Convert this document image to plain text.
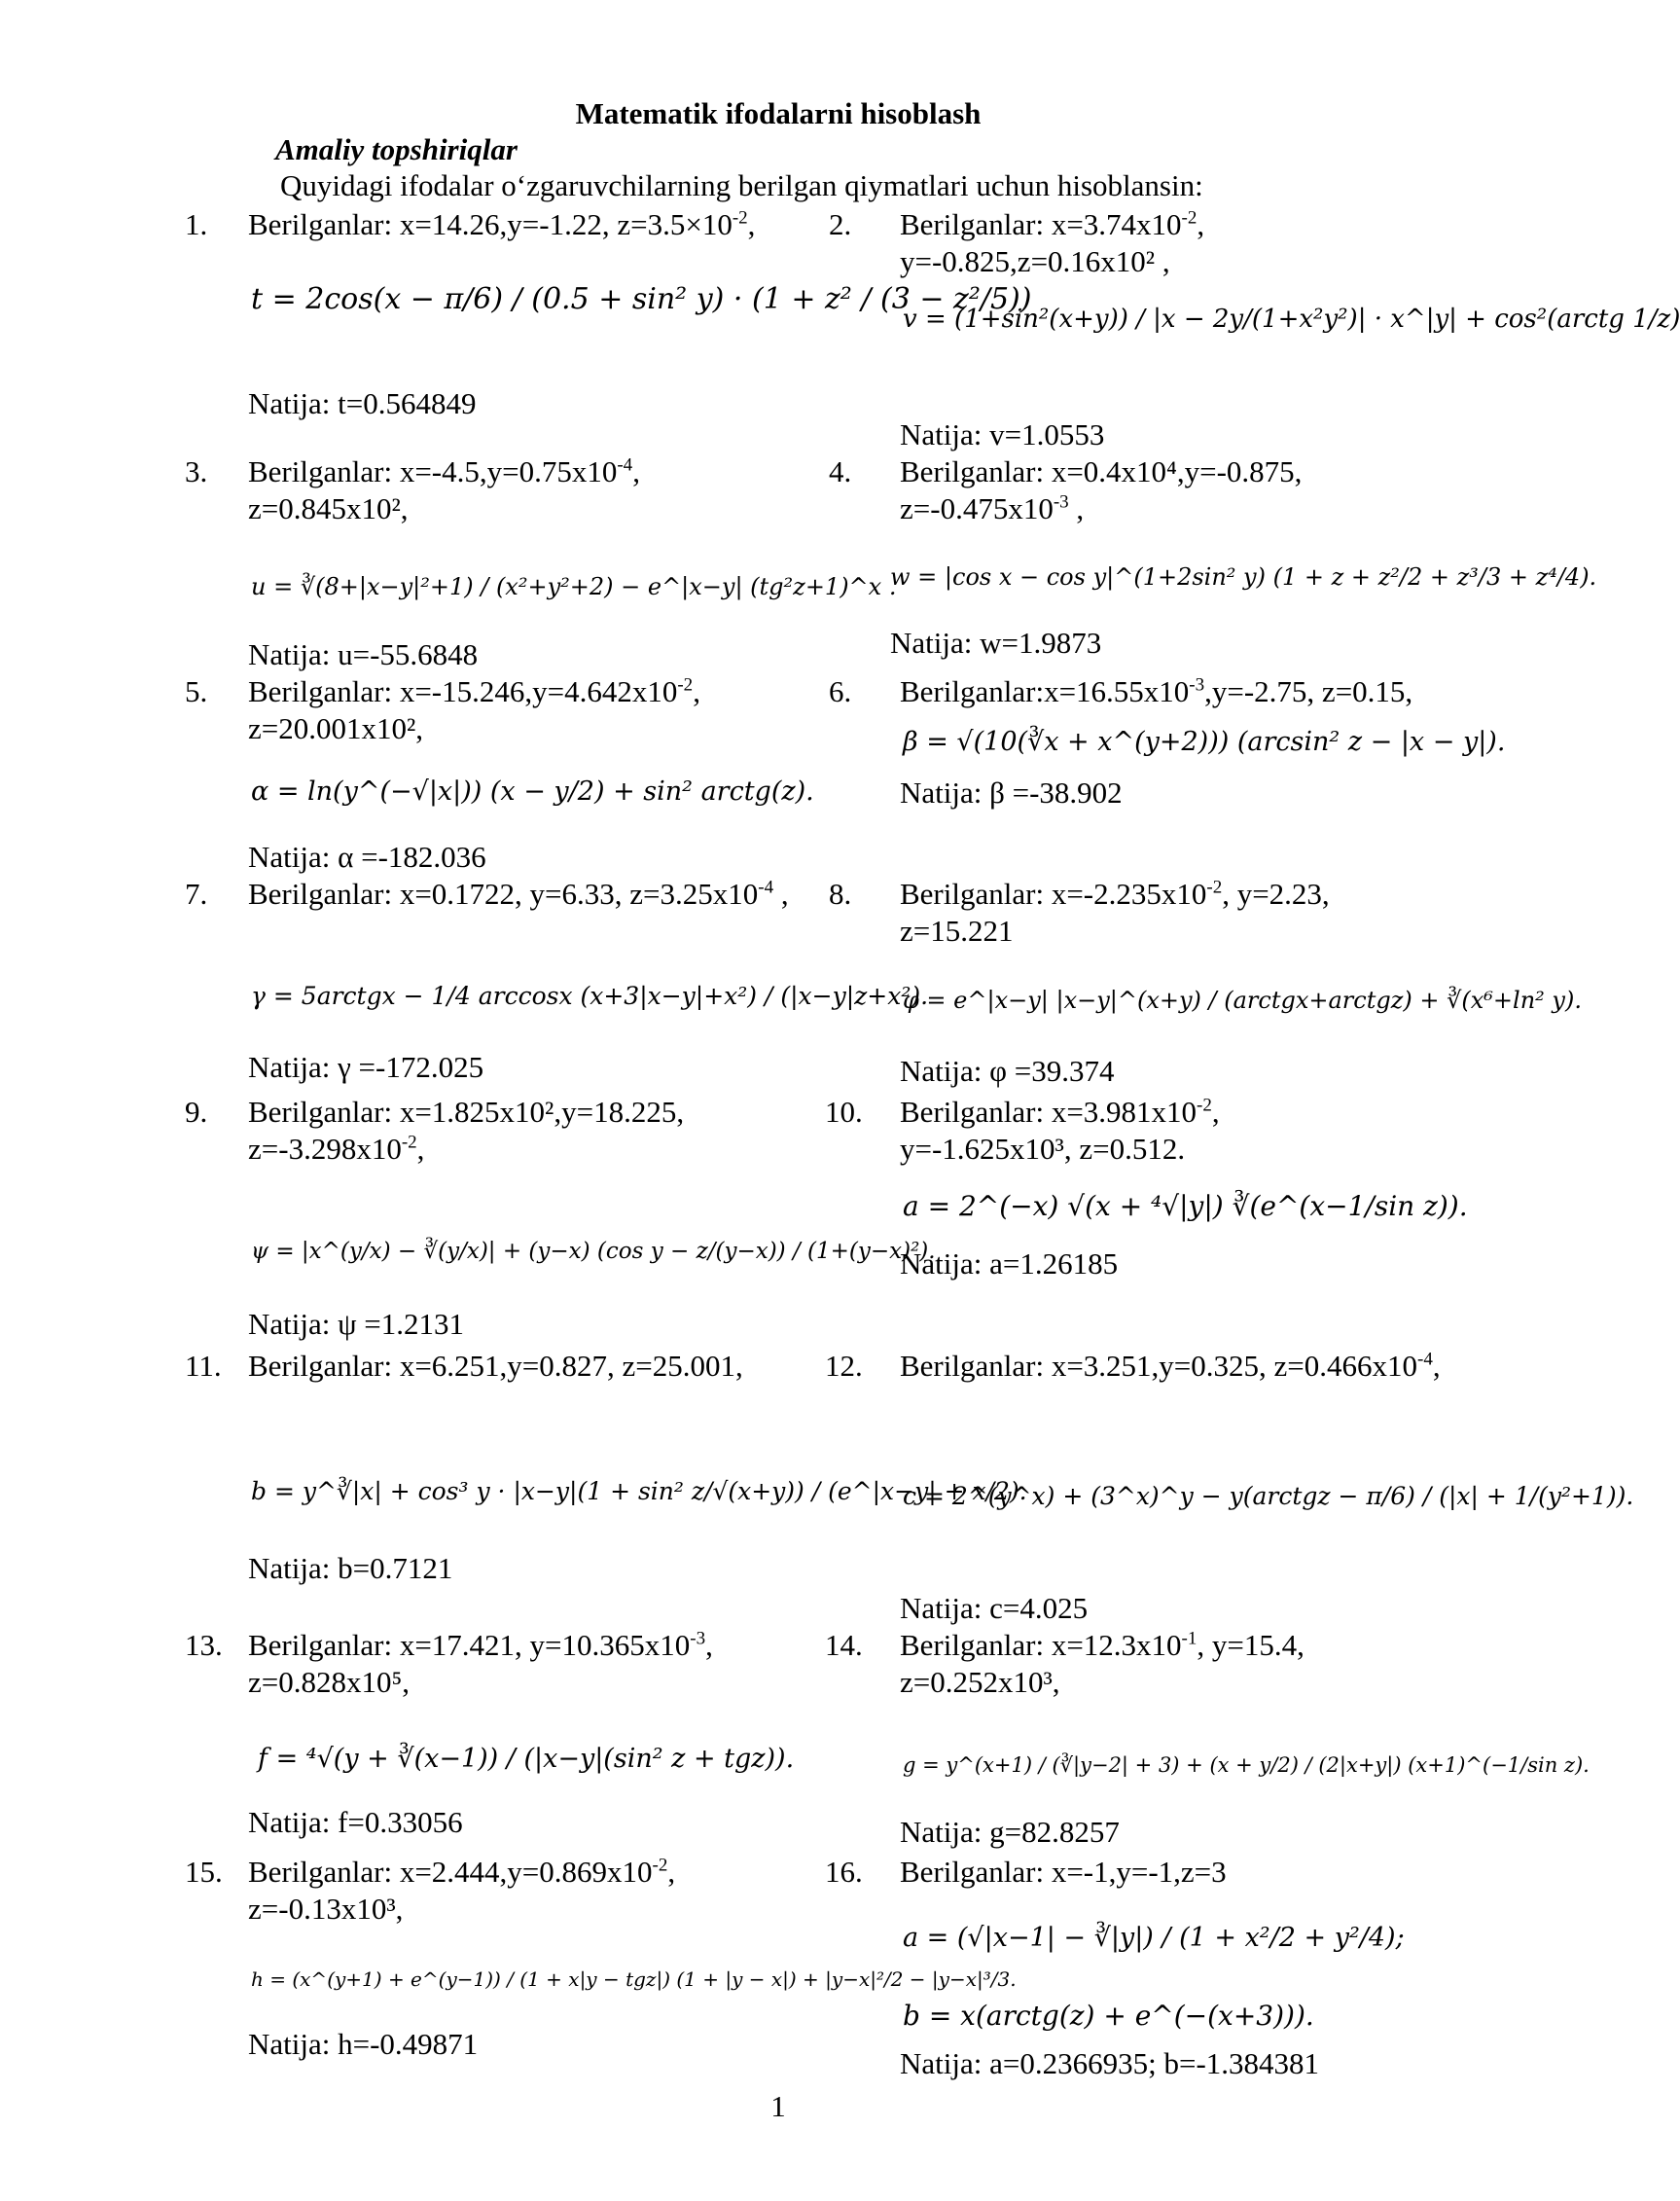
Matematik ifodalarni hisoblash
Amaliy topshiriqlar
Quyidagi ifodalar o‘zgaruvchilarning berilgan qiymatlari uchun hisoblansin:
1. Berilganlar: x=14.26,y=-1.22, $z=3.5\times 10^{-2}$,
t = 2cos(x − π/6) / (0.5 + sin² y) · (1 + z² / (3 − z²/5))
Natija: t=0.564849
2. Berilganlar: $x=3.74x10^{-2}$, y=-0.825,z=0.16x10² ,
v = (1+sin²(x+y)) / |x − 2y/(1+x²y²)| · x^|y| + cos²(arctg 1/z)
Natija: v=1.0553
3. Berilganlar: $x=-4.5,y=0.75x10^{-4}$, z=0.845x10²,
u = ∛(8+|x−y|²+1) / (x²+y²+2) − e^|x−y| (tg²z+1)^x .
Natija: u=-55.6848
4. Berilganlar: x=0.4x10⁴,y=-0.875, $z=-0.475x10^{-3}$ ,
w = |cos x − cos y|^(1+2sin² y) (1 + z + z²/2 + z³/3 + z⁴/4).
Natija: w=1.9873
5. Berilganlar: $x=-15.246,y=4.642x10^{-2}$, z=20.001x10²,
α = ln(y^(−√|x|)) (x − y/2) + sin² arctg(z).
Natija: α =-182.036
6. $Berilganlar:x=16.55x10^{-3},y=-2.75$, z=0.15,
β = √(10(∛x + x^(y+2))) (arcsin² z − |x − y|).
Natija: β =-38.902
7. Berilganlar: x=0.1722, y=6.33, $z=3.25x10^{-4}$ ,
γ = 5arctgx − 1/4 arccosx (x+3|x−y|+x²) / (|x−y|z+x²).
Natija: γ =-172.025
8. Berilganlar: $x=-2.235x10^{-2}$, y=2.23, z=15.221
φ = e^|x−y| |x−y|^(x+y) / (arctgx+arctgz) + ∛(x⁶+ln² y).
Natija: φ =39.374
9. Berilganlar: x=1.825x10²,y=18.225, $z=-3.298x10^{-2}$,
ψ = |x^(y/x) − ∛(y/x)| + (y−x) (cos y − z/(y−x)) / (1+(y−x)²).
Natija: ψ =1.2131
10. Berilganlar: $x=3.981x10^{-2}$, y=-1.625x10³, z=0.512.
a = 2^(−x) √(x + ⁴√|y|) ∛(e^(x−1/sin z)).
Natija: a=1.26185
11. Berilganlar: x=6.251,y=0.827, z=25.001,
b = y^∛|x| + cos³ y · |x−y|(1 + sin² z/√(x+y)) / (e^|x−y| + x/2).
Natija: b=0.7121
12. Berilganlar: x=3.251,y=0.325, $z=0.466x10^{-4}$,
c = 2^(y^x) + (3^x)^y − y(arctgz − π/6) / (|x| + 1/(y²+1)).
Natija: c=4.025
13. Berilganlar: x=17.421, $y=10.365x10^{-3}$, z=0.828x10⁵,
f = ⁴√(y + ∛(x−1)) / (|x−y|(sin² z + tgz)).
Natija: f=0.33056
14. Berilganlar: $x=12.3x10^{-1}$, y=15.4, z=0.252x10³,
g = y^(x+1) / (∛|y−2| + 3) + (x + y/2) / (2|x+y|) (x+1)^(−1/sin z).
Natija: g=82.8257
15. Berilganlar: $x=2.444,y=0.869x10^{-2}$, z=-0.13x10³,
h = (x^(y+1) + e^(y−1)) / (1 + x|y − tgz|) (1 + |y − x|) + |y−x|²/2 − |y−x|³/3.
Natija: h=-0.49871
16. Berilganlar: x=-1,y=-1,z=3
a = (√|x−1| − ∛|y|) / (1 + x²/2 + y²/4);
b = x(arctg(z) + e^(−(x+3))).
Natija: a=0.2366935; b=-1.384381
1
